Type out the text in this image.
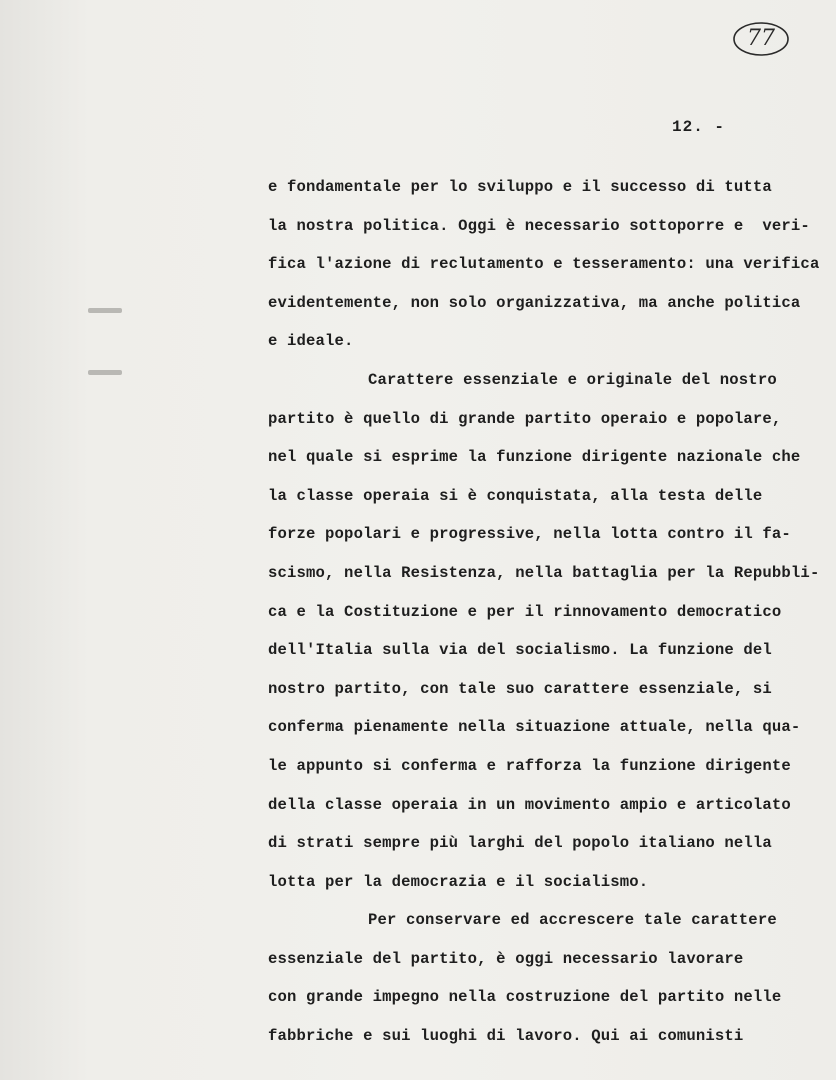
77
12. -
e fondamentale per lo sviluppo e il successo di tutta
la nostra politica. Oggi è necessario sottoporre e  veri-
fica l'azione di reclutamento e tesseramento: una verifica
evidentemente, non solo organizzativa, ma anche politica
e ideale.
Carattere essenziale e originale del nostro
partito è quello di grande partito operaio e popolare,
nel quale si esprime la funzione dirigente nazionale che
la classe operaia si è conquistata, alla testa delle
forze popolari e progressive, nella lotta contro il fa-
scismo, nella Resistenza, nella battaglia per la Repubbli-
ca e la Costituzione e per il rinnovamento democratico
dell'Italia sulla via del socialismo. La funzione del
nostro partito, con tale suo carattere essenziale, si
conferma pienamente nella situazione attuale, nella qua-
le appunto si conferma e rafforza la funzione dirigente
della classe operaia in un movimento ampio e articolato
di strati sempre più larghi del popolo italiano nella
lotta per la democrazia e il socialismo.
Per conservare ed accrescere tale carattere
essenziale del partito, è oggi necessario lavorare
con grande impegno nella costruzione del partito nelle
fabbriche e sui luoghi di lavoro. Qui ai comunisti
